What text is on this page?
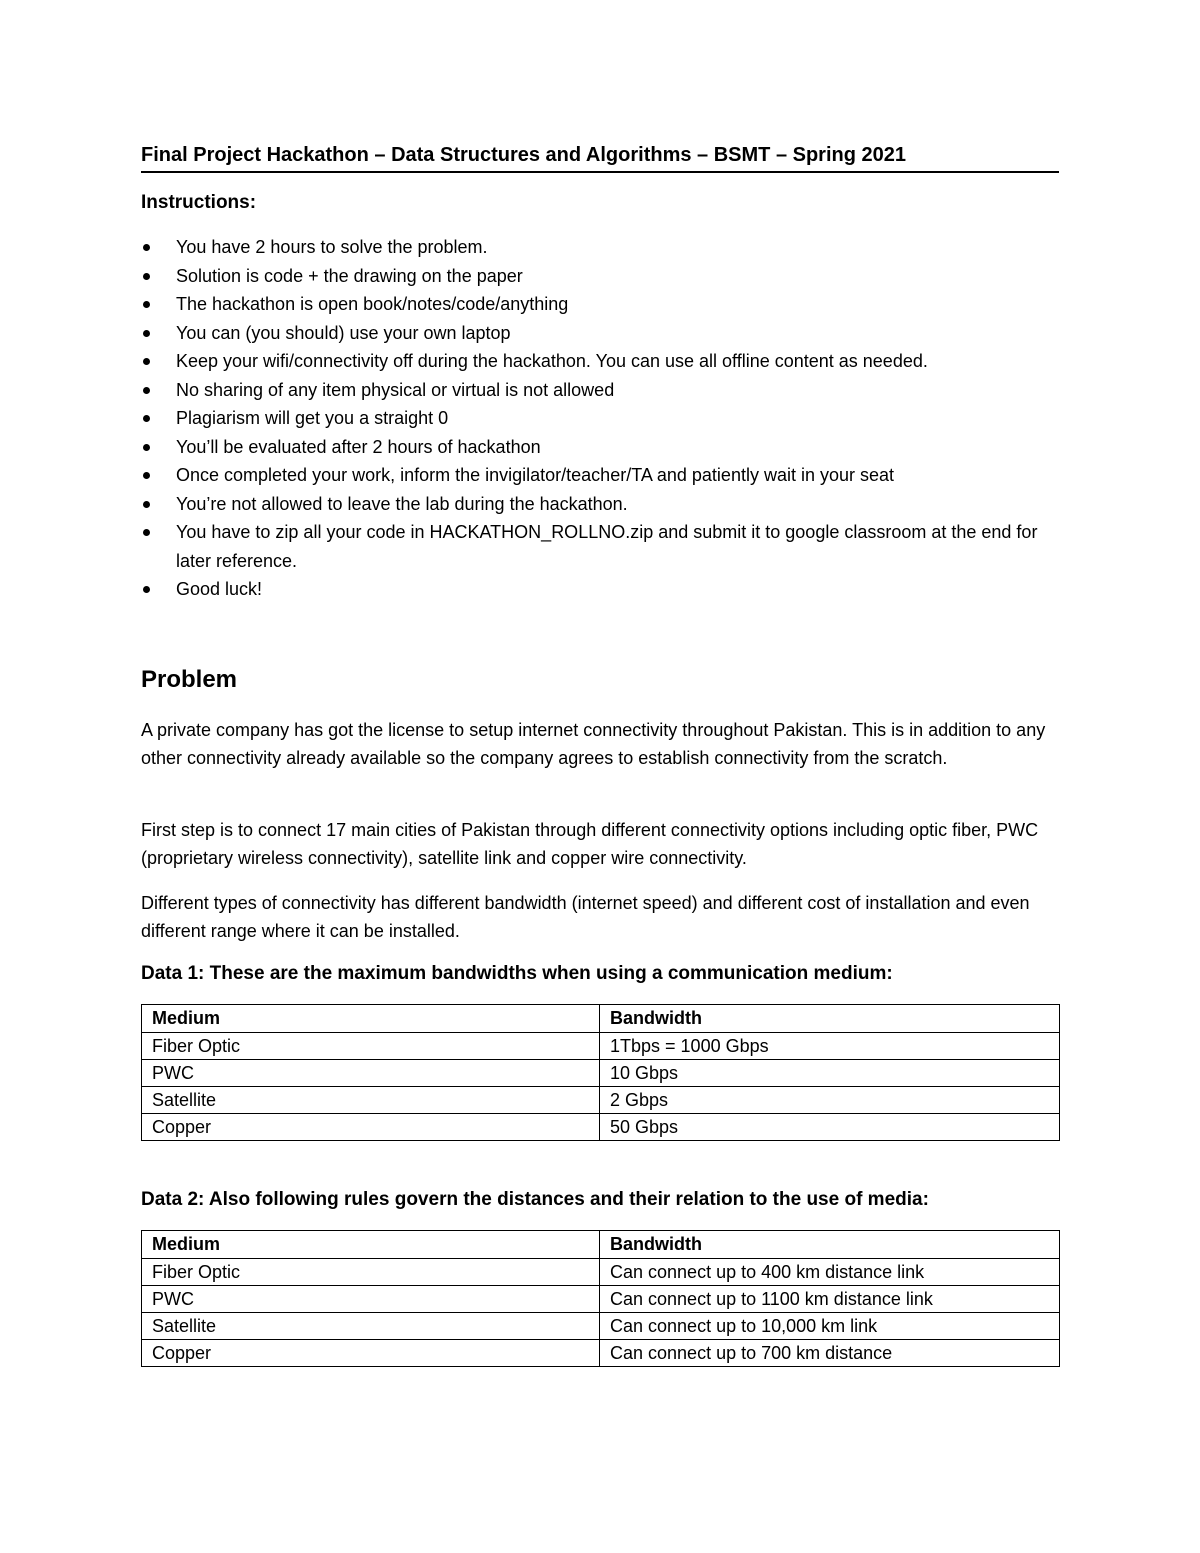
Final Project Hackathon – Data Structures and Algorithms – BSMT – Spring 2021
Instructions:
You have 2 hours to solve the problem.
Solution is code + the drawing on the paper
The hackathon is open book/notes/code/anything
You can (you should) use your own laptop
Keep your wifi/connectivity off during the hackathon. You can use all offline content as needed.
No sharing of any item physical or virtual is not allowed
Plagiarism will get you a straight 0
You’ll be evaluated after 2 hours of hackathon
Once completed your work, inform the invigilator/teacher/TA and patiently wait in your seat
You’re not allowed to leave the lab during the hackathon.
You have to zip all your code in HACKATHON_ROLLNO.zip and submit it to google classroom at the end for later reference.
Good luck!
Problem

A private company has got the license to setup internet connectivity throughout Pakistan. This is in addition to any other connectivity already available so the company agrees to establish connectivity from the scratch.

First step is to connect 17 main cities of Pakistan through different connectivity options including optic fiber, PWC (proprietary wireless connectivity), satellite link and copper wire connectivity.

Different types of connectivity has different bandwidth (internet speed) and different cost of installation and even different range where it can be installed.

Data 1: These are the maximum bandwidths when using a communication medium:
Medium	Bandwidth
Fiber Optic	1Tbps = 1000 Gbps
PWC	10 Gbps
Satellite	2 Gbps
Copper	50 Gbps
Data 2: Also following rules govern the distances and their relation to the use of media:
Medium	Bandwidth
Fiber Optic	Can connect up to 400 km distance link
PWC	Can connect up to 1100 km distance link
Satellite	Can connect up to 10,000 km link
Copper	Can connect up to 700 km distance
